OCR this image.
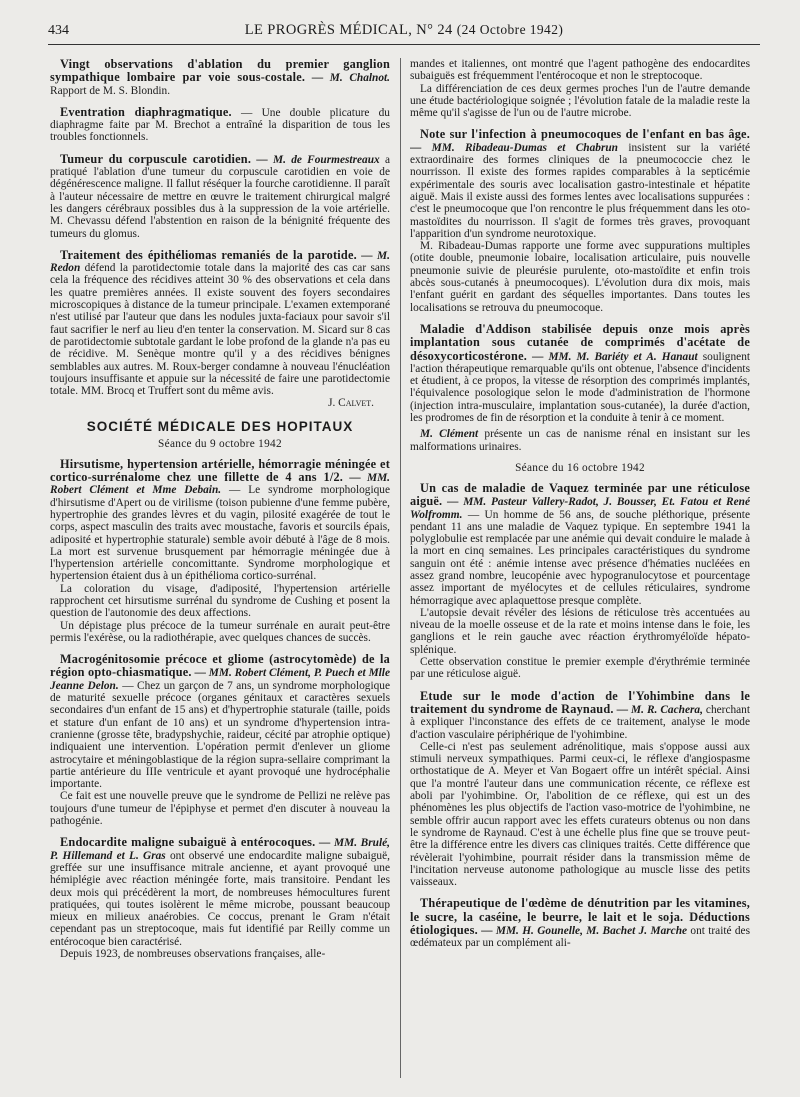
434	LE PROGRÈS MÉDICAL, N° 24 (24 Octobre 1942)

Vingt observations d'ablation du premier ganglion sympathique lombaire par voie sous-costale. — M. Chalnot. Rapport de M. S. Blondin.

Eventration diaphragmatique. — Une double plicature du diaphragme faite par M. Brechot a entraîné la disparition de tous les troubles fonctionnels.

Tumeur du corpuscule carotidien. — M. de Fourmestreaux a pratiqué l'ablation d'une tumeur du corpuscule carotidien en voie de dégénérescence maligne. Il fallut réséquer la fourche carotidienne. Il paraît à l'auteur nécessaire de mettre en œuvre le traitement chirurgical malgré les dangers cérébraux possibles dus à la suppression de la voie artérielle. M. Chevassu défend l'abstention en raison de la bénignité fréquente des tumeurs du glomus.

Traitement des épithéliomas remaniés de la parotide. — M. Redon défend la parotidectomie totale dans la majorité des cas car sans cela la fréquence des récidives atteint 30 % des observations et cela dans les quatre premières années. Il existe souvent des foyers secondaires microscopiques à distance de la tumeur principale. L'examen extemporané n'est utilisé par l'auteur que dans les nodules juxta-faciaux pour savoir s'il faut sacrifier le nerf au lieu d'en tenter la conservation. M. Sicard sur 8 cas de parotidectomie subtotale gardant le lobe profond de la glande n'a pas eu de récidive. M. Senèque montre qu'il y a des récidives bénignes semblables aux autres. M. Roux-berger condamne à nouveau l'énucléation toujours insuffisante et appuie sur la nécessité de faire une parotidectomie totale. MM. Brocq et Truffert sont du même avis.

J. Calvet.
SOCIÉTÉ MÉDICALE DES HOPITAUX
Séance du 9 octobre 1942

Hirsutisme, hypertension artérielle, hémorragie méningée et cortico-surrénalome chez une fillette de 4 ans 1/2. — MM. Robert Clément et Mme Debain. — Le syndrome morphologique d'hirsutisme d'Apert ou de virilisme (toison pubienne d'une femme pubère, hypertrophie des grandes lèvres et du vagin, pilosité exagérée de tout le corps, aspect masculin des traits avec moustache, favoris et sourcils épais, adiposité et hypertrophie staturale) semble avoir débuté à l'âge de 8 mois. La mort est survenue brusquement par hémorragie méningée due à l'hypertension artérielle concomittante. Syndrome morphologique et hypertension étaient dus à un épithélioma cortico-surrénal.

La coloration du visage, d'adiposité, l'hypertension artérielle rapprochent cet hirsutisme surrénal du syndrome de Cushing et posent la question de l'autonomie des deux affections.

Un dépistage plus précoce de la tumeur surrénale en aurait peut-être permis l'exérèse, ou la radiothérapie, avec quelques chances de succès.

Macrogénitosomie précoce et gliome (astrocytomède) de la région opto-chiasmatique. — MM. Robert Clément, P. Puech et Mlle Jeanne Delon. — Chez un garçon de 7 ans, un syndrome morphologique de maturité sexuelle précoce (organes génitaux et caractères sexuels secondaires d'un enfant de 15 ans) et d'hypertrophie staturale (taille, poids et stature d'un enfant de 10 ans) et un syndrome d'hypertension intra-cranienne (grosse tête, bradypshychie, raideur, cécité par atrophie optique) indiquaient une intervention. L'opération permit d'enlever un gliome astrocytaire et méningoblastique de la région supra-sellaire comprimant la partie antérieure du IIIe ventricule et ayant provoqué une hydrocéphalie importante.

Ce fait est une nouvelle preuve que le syndrome de Pellizi ne relève pas toujours d'une tumeur de l'épiphyse et permet d'en discuter à nouveau la pathogénie.

Endocardite maligne subaiguë à entérocoques. — MM. Brulé, P. Hillemand et L. Gras ont observé une endocardite maligne subaiguë, greffée sur une insuffisance mitrale ancienne, et ayant provoqué une hémiplégie avec réaction méningée forte, mais transitoire. Pendant les deux mois qui précédèrent la mort, de nombreuses hémocultures furent pratiquées, qui toutes isolèrent le même microbe, poussant beaucoup mieux en milieux anaérobies. Ce coccus, prenant le Gram n'était cependant pas un streptocoque, mais fut identifié par Reilly comme un entérocoque bien caractérisé.

Depuis 1923, de nombreuses observations françaises, alle-

mandes et italiennes, ont montré que l'agent pathogène des endocardites subaiguës est fréquemment l'entérocoque et non le streptocoque.

La différenciation de ces deux germes proches l'un de l'autre demande une étude bactériologique soignée ; l'évolution fatale de la maladie reste la même qu'il s'agisse de l'un ou de l'autre microbe.

Note sur l'infection à pneumocoques de l'enfant en bas âge. — MM. Ribadeau-Dumas et Chabrun insistent sur la variété extraordinaire des formes cliniques de la pneumococcie chez le nourrisson. Il existe des formes rapides comparables à la septicémie expérimentale des souris avec localisation gastro-intestinale et hépatite aiguë. Mais il existe aussi des formes lentes avec localisations suppurées : c'est le pneumocoque que l'on rencontre le plus fréquemment dans les oto-mastoïdites du nourrisson. Il s'agit de formes très graves, provoquant l'apparition d'un syndrome neurotoxique.

M. Ribadeau-Dumas rapporte une forme avec suppurations multiples (otite double, pneumonie lobaire, localisation articulaire, puis nouvelle pneumonie suivie de pleurésie purulente, oto-mastoïdite et enfin trois abcès sous-cutanés à pneumocoques). L'évolution dura dix mois, mais l'enfant guérit en gardant des séquelles importantes. Dans toutes les localisations se retrouva du pneumocoque.

Maladie d'Addison stabilisée depuis onze mois après implantation sous cutanée de comprimés d'acétate de désoxycorticostérone. — MM. M. Bariéty et A. Hanaut soulignent l'action thérapeutique remarquable qu'ils ont obtenue, l'absence d'incidents et étudient, à ce propos, la vitesse de résorption des comprimés implantés, l'équivalence posologique selon le mode d'administration de l'hormone (injection intra-musculaire, implantation sous-cutanée), la durée d'action, les prodromes de fin de résorption et la conduite à tenir à ce moment.

M. Clément présente un cas de nanisme rénal en insistant sur les malformations urinaires.

Séance du 16 octobre 1942

Un cas de maladie de Vaquez terminée par une réticulose aiguë. — MM. Pasteur Vallery-Radot, J. Bousser, Et. Fatou et René Wolfromm. — Un homme de 56 ans, de souche pléthorique, présente pendant 11 ans une maladie de Vaquez typique. En septembre 1941 la polyglobulie est remplacée par une anémie qui devait conduire le malade à la mort en cinq semaines. Les principales caractéristiques du syndrome sanguin ont été : anémie intense avec présence d'hématies nucléées en assez grand nombre, leucopénie avec hypogranulocytose et pourcentage assez important de myélocytes et de cellules réticulaires, syndrome hémorragique avec aplaquettose presque complète.

L'autopsie devait révéler des lésions de réticulose très accentuées au niveau de la moelle osseuse et de la rate et moins intense dans le foie, les ganglions et le rein gauche avec réaction érythromyéloïde hépato-splénique.

Cette observation constitue le premier exemple d'érythrémie terminée par une réticulose aiguë.

Etude sur le mode d'action de l'Yohimbine dans le traitement du syndrome de Raynaud. — M. R. Cachera, cherchant à expliquer l'inconstance des effets de ce traitement, analyse le mode d'action vasculaire périphérique de l'yohimbine.

Celle-ci n'est pas seulement adrénolitique, mais s'oppose aussi aux stimuli nerveux sympathiques. Parmi ceux-ci, le réflexe d'angiospasme orthostatique de A. Meyer et Van Bogaert offre un intérêt spécial. Ainsi que l'a montré l'auteur dans une communication récente, ce réflexe est aboli par l'yohimbine. Or, l'abolition de ce réflexe, qui est un des phénomènes les plus objectifs de l'action vaso-motrice de l'yohimbine, ne semble offrir aucun rapport avec les effets curateurs obtenus ou non dans le syndrome de Raynaud. C'est à une échelle plus fine que se trouve peut-être la différence entre les divers cas cliniques traités. Cette différence que révèlerait l'yohimbine, pourrait résider dans la transmission même de l'incitation nerveuse autonome pathologique au muscle lisse des petits vaisseaux.

Thérapeutique de l'œdème de dénutrition par les vitamines, le sucre, la caséine, le beurre, le lait et le soja. Déductions étiologiques. — MM. H. Gounelle, M. Bachet J. Marche ont traité des œdémateux par un complément ali-
